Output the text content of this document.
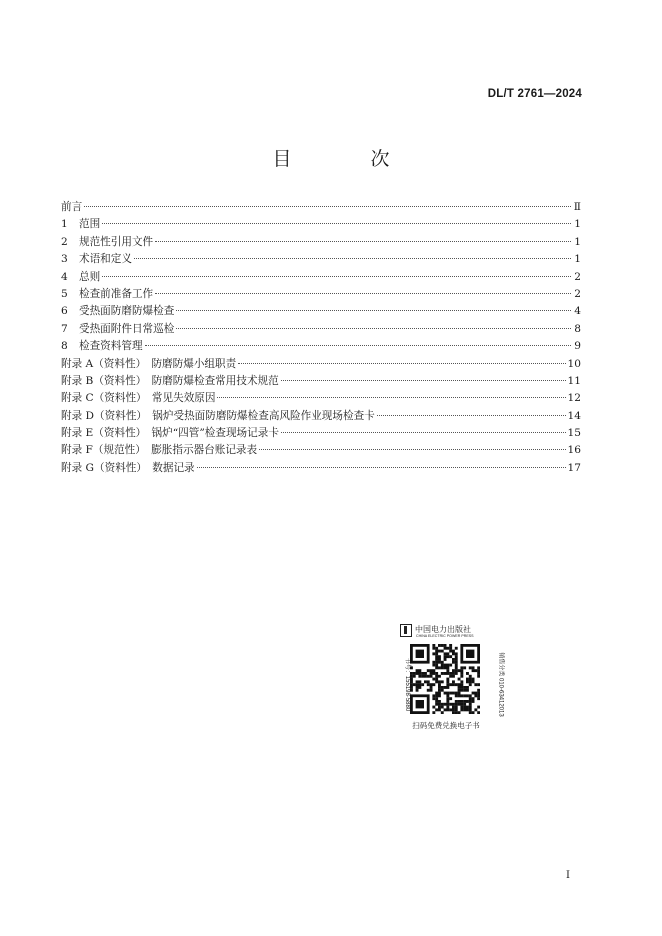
DL/T 2761—2024
目　次
前言	Ⅱ
1 范围	1
2 规范性引用文件	1
3 术语和定义	1
4 总则	2
5 检查前准备工作	2
6 受热面防磨防爆检查	4
7 受热面附件日常巡检	8
8 检查资料管理	9
附录 A（资料性）　防磨防爆小组职责	10
附录 B（资料性）　防磨防爆检查常用技术规范	11
附录 C（资料性）　常见失效原因	12
附录 D（资料性）　锅炉受热面防磨防爆检查高风险作业现场检查卡	14
附录 E（资料性）　锅炉“四管”检查现场记录卡	15
附录 F（规范性）　膨胀指示器台账记录表	16
附录 G（资料性）　数据记录	17
中国电力出版社
CHINA ELECTRIC POWER PRESS
书号：155198·5880	销售分类 010-63412013
扫码免费兑换电子书
I
